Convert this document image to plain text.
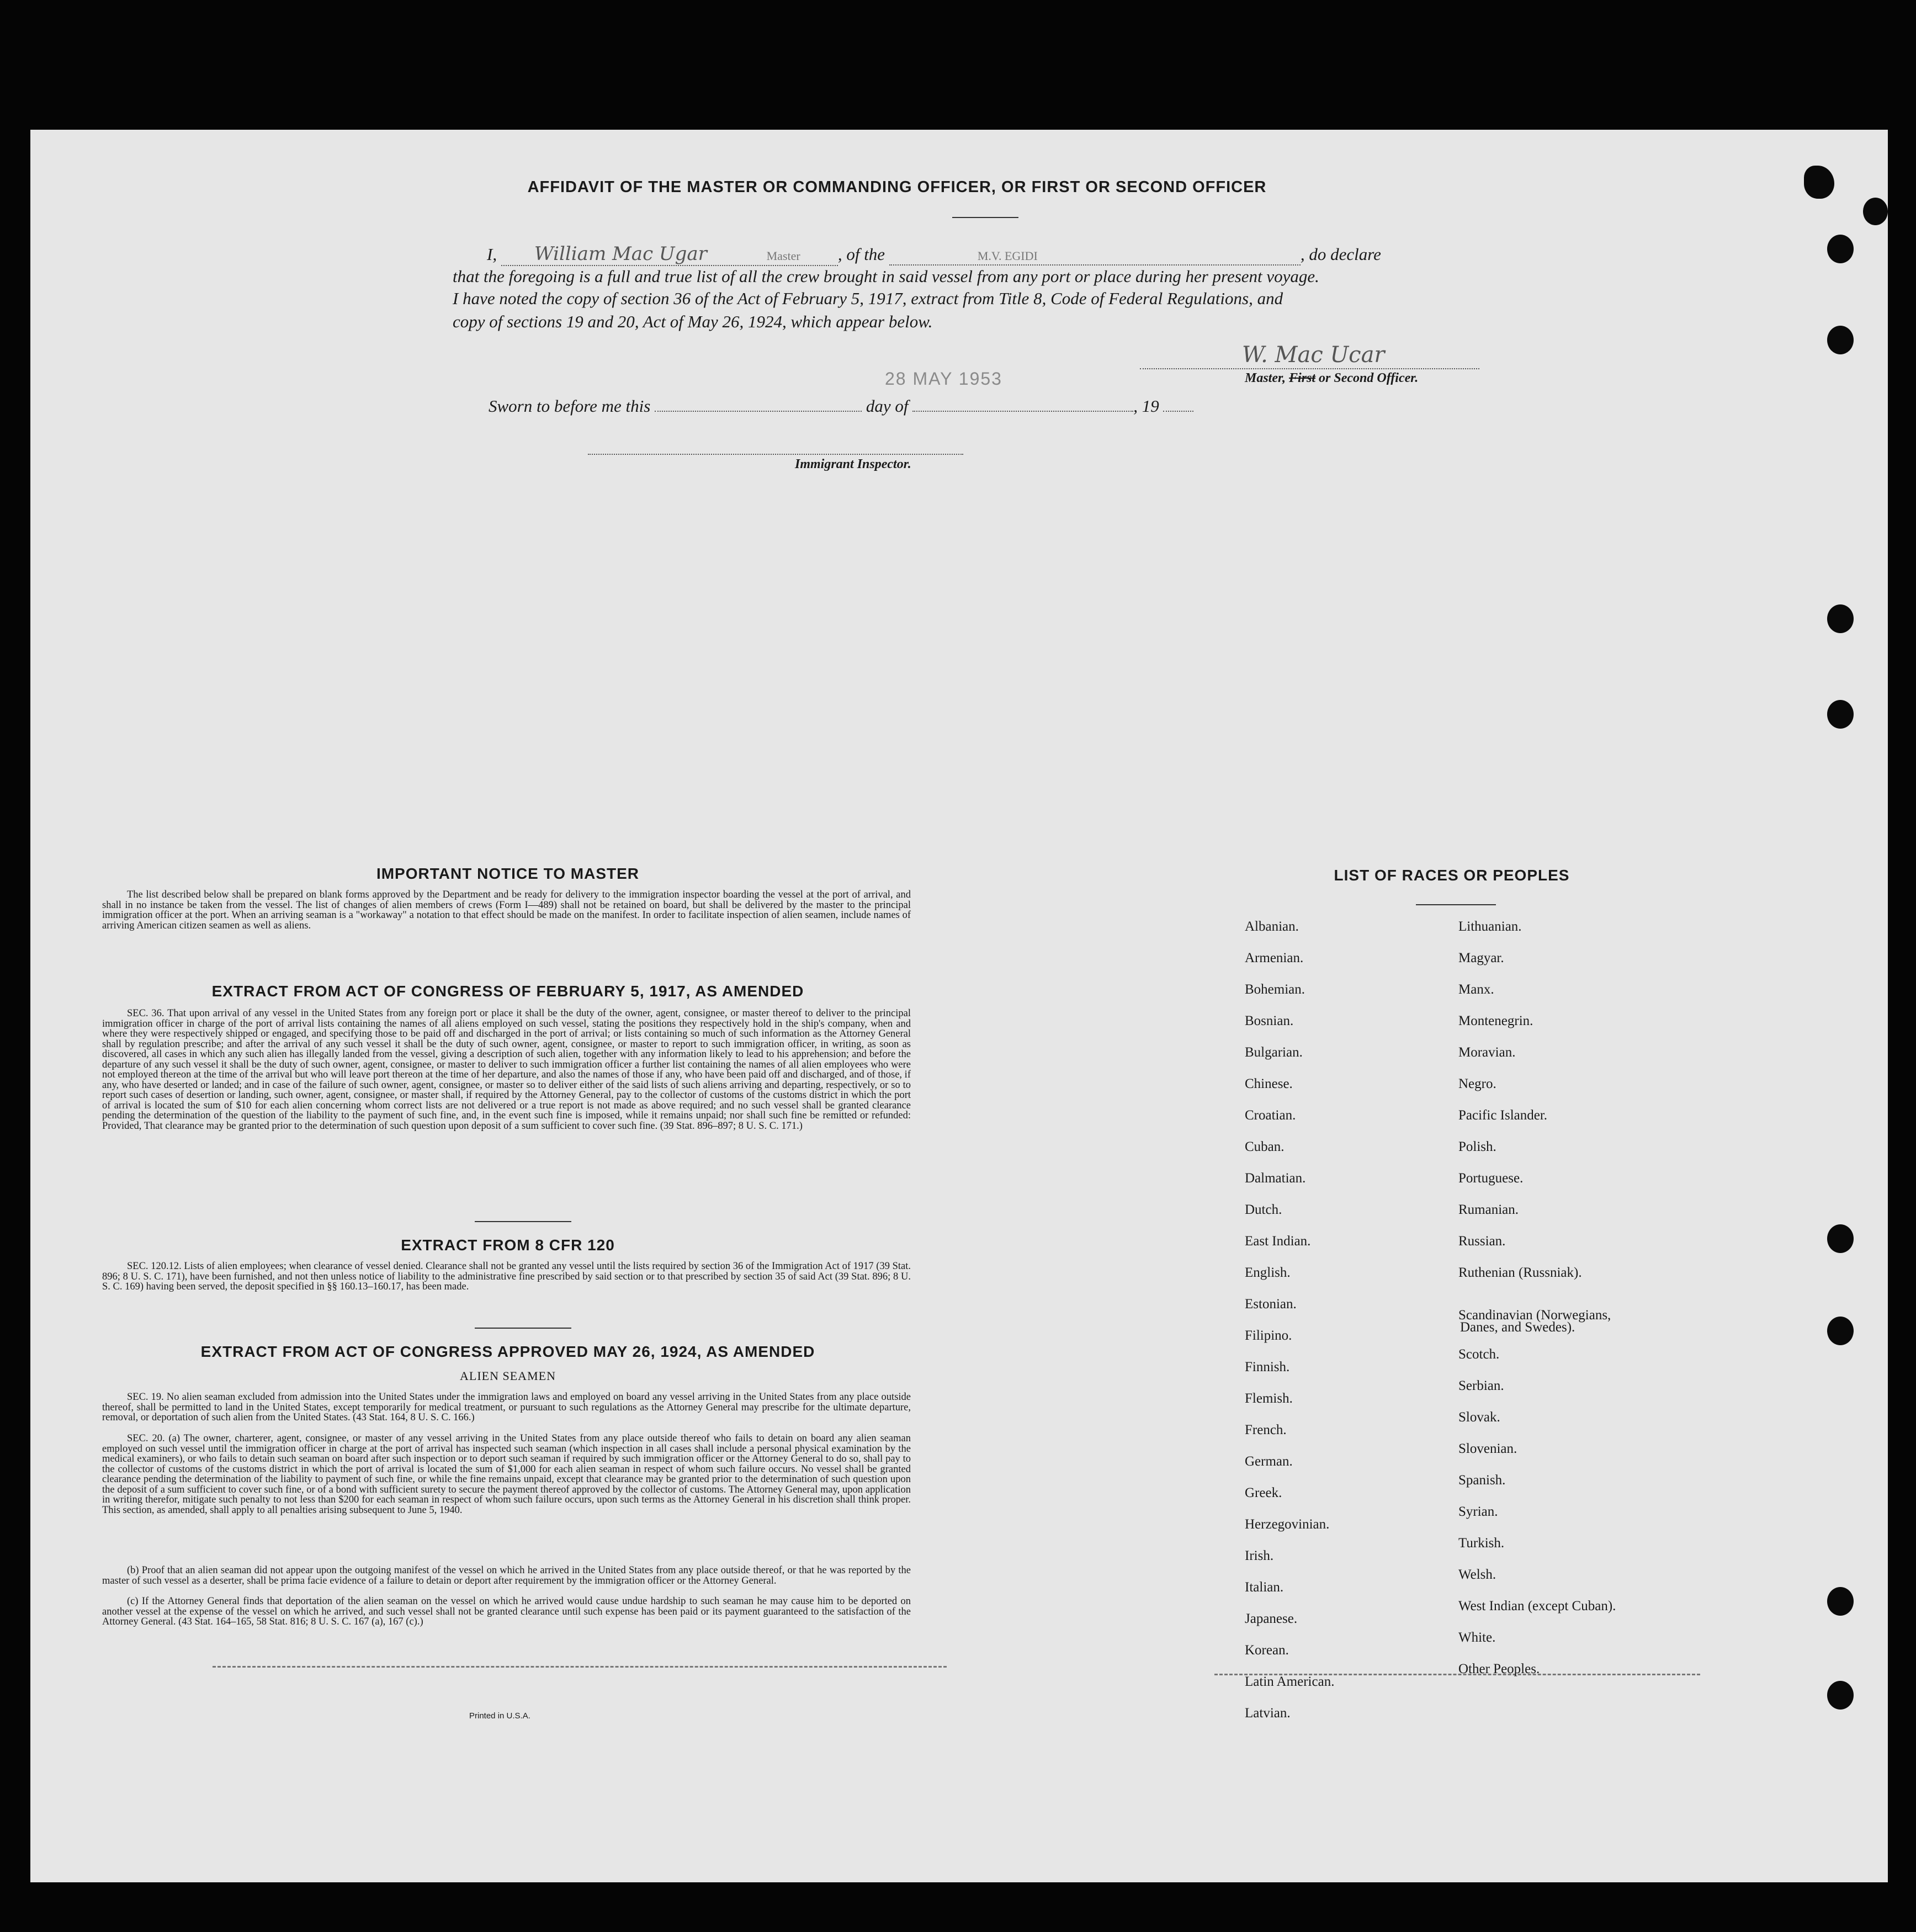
AFFIDAVIT OF THE MASTER OR COMMANDING OFFICER, OR FIRST OR SECOND OFFICER
I, William Mac Ugar	Master , of the	M.V. EGIDI	, do declare
that the foregoing is a full and true list of all the crew brought in said vessel from any port or place during her present voyage.
I have noted the copy of section 36 of the Act of February 5, 1917, extract from Title 8, Code of Federal Regulations, and
copy of sections 19 and 20, Act of May 26, 1924, which appear below.
W. Mac Ucar
Master, First or Second Officer.
28 MAY 1953
Sworn to before me this	day of	, 19
Immigrant Inspector.
IMPORTANT NOTICE TO MASTER
The list described below shall be prepared on blank forms approved by the Department and be ready for delivery to the immigration inspector boarding the vessel at the port of arrival, and shall in no instance be taken from the vessel. The list of changes of alien members of crews (Form I—489) shall not be retained on board, but shall be delivered by the master to the principal immigration officer at the port. When an arriving seaman is a "workaway" a notation to that effect should be made on the manifest. In order to facilitate inspection of alien seamen, include names of arriving American citizen seamen as well as aliens.
EXTRACT FROM ACT OF CONGRESS OF FEBRUARY 5, 1917, AS AMENDED
SEC. 36. That upon arrival of any vessel in the United States from any foreign port or place it shall be the duty of the owner, agent, consignee, or master thereof to deliver to the principal immigration officer in charge of the port of arrival lists containing the names of all aliens employed on such vessel, stating the positions they respectively hold in the ship's company, when and where they were respectively shipped or engaged, and specifying those to be paid off and discharged in the port of arrival; or lists containing so much of such information as the Attorney General shall by regulation prescribe; and after the arrival of any such vessel it shall be the duty of such owner, agent, consignee, or master to report to such immigration officer, in writing, as soon as discovered, all cases in which any such alien has illegally landed from the vessel, giving a description of such alien, together with any information likely to lead to his apprehension; and before the departure of any such vessel it shall be the duty of such owner, agent, consignee, or master to deliver to such immigration officer a further list containing the names of all alien employees who were not employed thereon at the time of the arrival but who will leave port thereon at the time of her departure, and also the names of those if any, who have been paid off and discharged, and of those, if any, who have deserted or landed; and in case of the failure of such owner, agent, consignee, or master so to deliver either of the said lists of such aliens arriving and departing, respectively, or so to report such cases of desertion or landing, such owner, agent, consignee, or master shall, if required by the Attorney General, pay to the collector of customs of the customs district in which the port of arrival is located the sum of $10 for each alien concerning whom correct lists are not delivered or a true report is not made as above required; and no such vessel shall be granted clearance pending the determination of the question of the liability to the payment of such fine, and, in the event such fine is imposed, while it remains unpaid; nor shall such fine be remitted or refunded: Provided, That clearance may be granted prior to the determination of such question upon deposit of a sum sufficient to cover such fine. (39 Stat. 896–897; 8 U. S. C. 171.)
EXTRACT FROM 8 CFR 120
SEC. 120.12. Lists of alien employees; when clearance of vessel denied. Clearance shall not be granted any vessel until the lists required by section 36 of the Immigration Act of 1917 (39 Stat. 896; 8 U. S. C. 171), have been furnished, and not then unless notice of liability to the administrative fine prescribed by said section or to that prescribed by section 35 of said Act (39 Stat. 896; 8 U. S. C. 169) having been served, the deposit specified in §§ 160.13–160.17, has been made.
EXTRACT FROM ACT OF CONGRESS APPROVED MAY 26, 1924, AS AMENDED
ALIEN SEAMEN
SEC. 19. No alien seaman excluded from admission into the United States under the immigration laws and employed on board any vessel arriving in the United States from any place outside thereof, shall be permitted to land in the United States, except temporarily for medical treatment, or pursuant to such regulations as the Attorney General may prescribe for the ultimate departure, removal, or deportation of such alien from the United States. (43 Stat. 164, 8 U. S. C. 166.)
SEC. 20. (a) The owner, charterer, agent, consignee, or master of any vessel arriving in the United States from any place outside thereof who fails to detain on board any alien seaman employed on such vessel until the immigration officer in charge at the port of arrival has inspected such seaman (which inspection in all cases shall include a personal physical examination by the medical examiners), or who fails to detain such seaman on board after such inspection or to deport such seaman if required by such immigration officer or the Attorney General to do so, shall pay to the collector of customs of the customs district in which the port of arrival is located the sum of $1,000 for each alien seaman in respect of whom such failure occurs. No vessel shall be granted clearance pending the determination of the liability to payment of such fine, or while the fine remains unpaid, except that clearance may be granted prior to the determination of such question upon the deposit of a sum sufficient to cover such fine, or of a bond with sufficient surety to secure the payment thereof approved by the collector of customs. The Attorney General may, upon application in writing therefor, mitigate such penalty to not less than $200 for each seaman in respect of whom such failure occurs, upon such terms as the Attorney General in his discretion shall think proper. This section, as amended, shall apply to all penalties arising subsequent to June 5, 1940.
(b) Proof that an alien seaman did not appear upon the outgoing manifest of the vessel on which he arrived in the United States from any place outside thereof, or that he was reported by the master of such vessel as a deserter, shall be prima facie evidence of a failure to detain or deport after requirement by the immigration officer or the Attorney General.
(c) If the Attorney General finds that deportation of the alien seaman on the vessel on which he arrived would cause undue hardship to such seaman he may cause him to be deported on another vessel at the expense of the vessel on which he arrived, and such vessel shall not be granted clearance until such expense has been paid or its payment guaranteed to the satisfaction of the Attorney General. (43 Stat. 164–165, 58 Stat. 816; 8 U. S. C. 167 (a), 167 (c).)
Printed in U.S.A.
LIST OF RACES OR PEOPLES
Albanian.
Armenian.
Bohemian.
Bosnian.
Bulgarian.
Chinese.
Croatian.
Cuban.
Dalmatian.
Dutch.
East Indian.
English.
Estonian.
Filipino.
Finnish.
Flemish.
French.
German.
Greek.
Herzegovinian.
Irish.
Italian.
Japanese.
Korean.
Latin American.
Latvian.
Lithuanian.
Magyar.
Manx.
Montenegrin.
Moravian.
Negro.
Pacific Islander.
Polish.
Portuguese.
Rumanian.
Russian.
Ruthenian (Russniak).
Scandinavian (Norwegians,
Danes, and Swedes).
Scotch.
Serbian.
Slovak.
Slovenian.
Spanish.
Syrian.
Turkish.
Welsh.
West Indian (except Cuban).
White.
Other Peoples.
